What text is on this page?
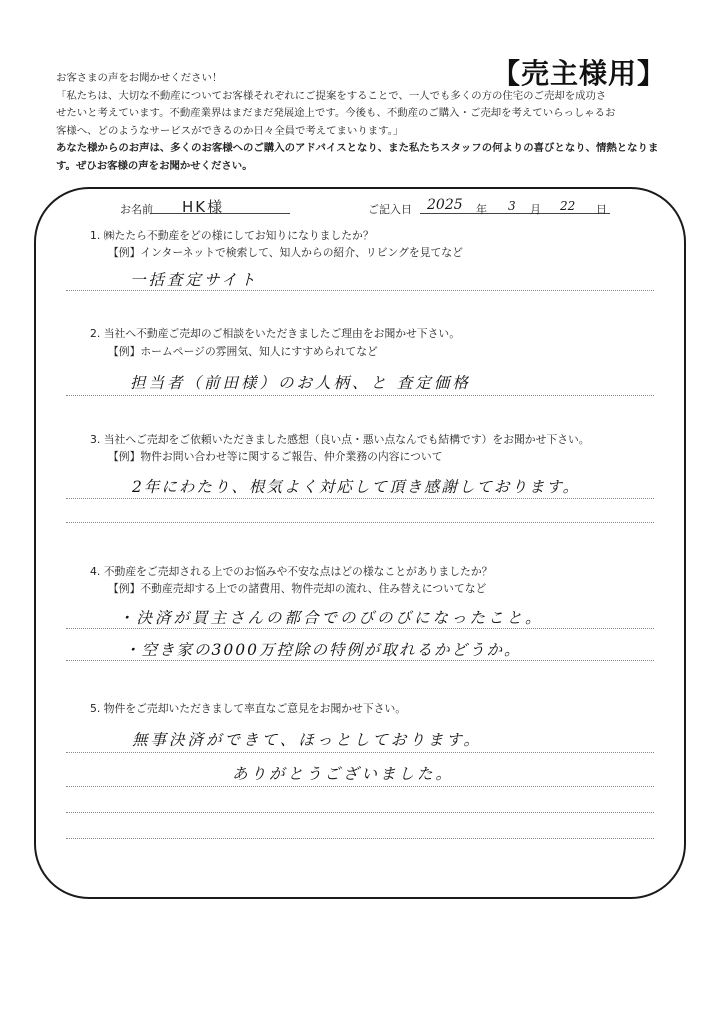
【売主様用】
お客さまの声をお聞かせください！
「私たちは、大切な不動産についてお客様それぞれにご提案をすることで、一人でも多くの方の住宅のご売却を成功さ
せたいと考えています。不動産業界はまだまだ発展途上です。今後も、不動産のご購入・ご売却を考えていらっしゃるお
客様へ、どのようなサービスができるのか日々全員で考えてまいります。」
あなた様からのお声は、多くのお客様へのご購入のアドバイスとなり、また私たちスタッフの何よりの喜びとなり、情熱となりま
す。ぜひお客様の声をお聞かせください。
お名前 HK様	ご記入日 2025 年 3 月 22 日
1. ㈱たたら不動産をどの様にしてお知りになりましたか？
【例】インターネットで検索して、知人からの紹介、リビングを見てなど
一括査定サイト
2. 当社へ不動産ご売却のご相談をいただきましたご理由をお聞かせ下さい。
【例】ホームページの雰囲気、知人にすすめられてなど
担当者（前田様）のお人柄、と 査定価格
3. 当社へご売却をご依頼いただきました感想（良い点・悪い点なんでも結構です）をお聞かせ下さい。
【例】物件お問い合わせ等に関するご報告、仲介業務の内容について
2年にわたり、根気よく対応して頂き感謝しております。
4. 不動産をご売却される上でのお悩みや不安な点はどの様なことがありましたか？
【例】不動産売却する上での諸費用、物件売却の流れ、住み替えについてなど
・決済が買主さんの都合でのびのびになったこと。
・空き家の3000万控除の特例が取れるかどうか。
5. 物件をご売却いただきまして率直なご意見をお聞かせ下さい。
無事決済ができて、ほっとしております。
ありがとうございました。
